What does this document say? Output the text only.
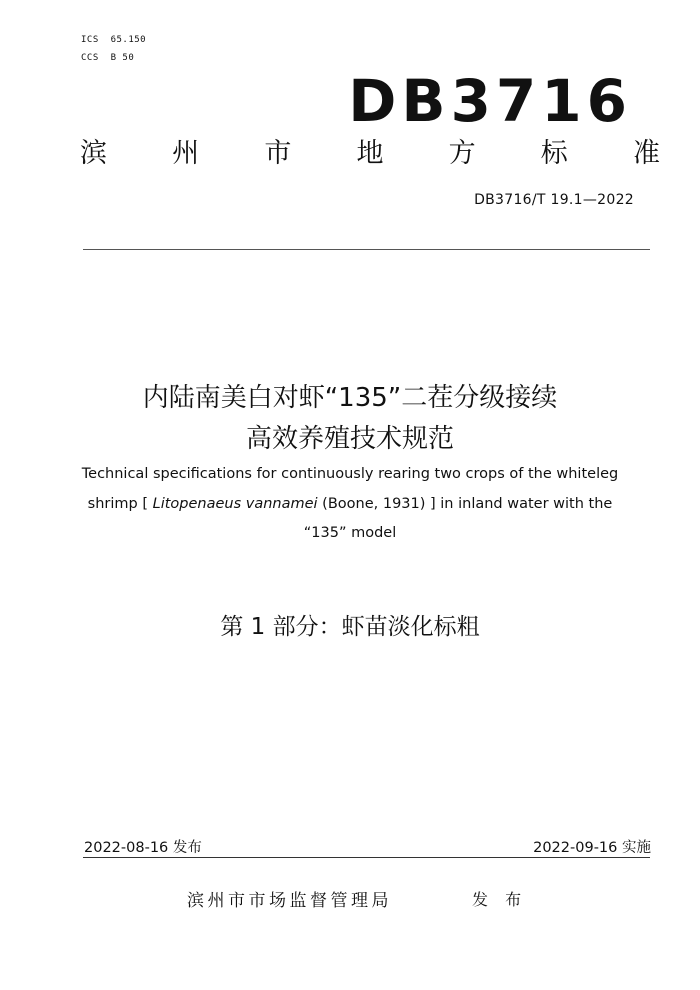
ICS  65.150
CCS  B 50
DB3716
滨 州 市 地 方 标 准
DB3716/T 19.1—2022
内陆南美白对虾“135”二茬分级接续
高效养殖技术规范
Technical specifications for continuously rearing two crops of the whiteleg
shrimp [ Litopenaeus vannamei (Boone, 1931) ] in inland water with the
“135” model
第 1 部分：虾苗淡化标粗
2022-08-16 发布	2022-09-16 实施
滨州市市场监督管理局	发 布
